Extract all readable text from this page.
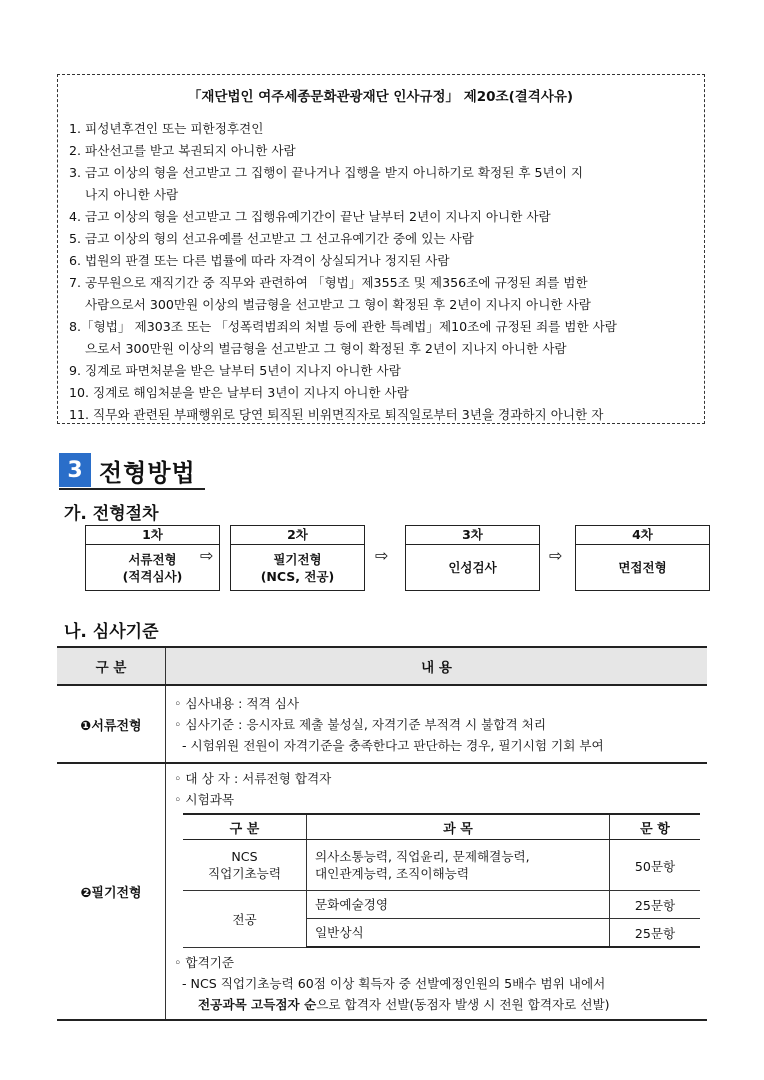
「재단법인 여주세종문화관광재단 인사규정」 제20조(결격사유)
1. 피성년후견인 또는 피한정후견인
2. 파산선고를 받고 복권되지 아니한 사람
3. 금고 이상의 형을 선고받고 그 집행이 끝나거나 집행을 받지 아니하기로 확정된 후 5년이 지
나지 아니한 사람
4. 금고 이상의 형을 선고받고 그 집행유예기간이 끝난 날부터 2년이 지나지 아니한 사람
5. 금고 이상의 형의 선고유예를 선고받고 그 선고유예기간 중에 있는 사람
6. 법원의 판결 또는 다른 법률에 따라 자격이 상실되거나 정지된 사람
7. 공무원으로 재직기간 중 직무와 관련하여 「형법」제355조 및 제356조에 규정된 죄를 범한
사람으로서 300만원 이상의 벌금형을 선고받고 그 형이 확정된 후 2년이 지나지 아니한 사람
8.「형법」 제303조 또는 「성폭력범죄의 처벌 등에 관한 특례법」제10조에 규정된 죄를 범한 사람
으로서 300만원 이상의 벌금형을 선고받고 그 형이 확정된 후 2년이 지나지 아니한 사람
9. 징계로 파면처분을 받은 날부터 5년이 지나지 아니한 사람
10. 징계로 해임처분을 받은 날부터 3년이 지나지 아니한 사람
11. 직무와 관련된 부패행위로 당연 퇴직된 비위면직자로 퇴직일로부터 3년을 경과하지 아니한 자
3 전형방법
가. 전형절차
1차
서류전형
(적격심사)
⇨
2차
필기전형
(NCS, 전공)
⇨
3차
인성검사
⇨
4차
면접전형
나. 심사기준
구 분	내 용
❶서류전형	
◦ 심사내용 : 적격 심사
◦ 심사기준 : 응시자료 제출 불성실, 자격기준 부적격 시 불합격 처리
- 시험위원 전원이 자격기준을 충족한다고 판단하는 경우, 필기시험 기회 부여

❷필기전형	
◦ 대 상 자 : 서류전형 합격자
◦ 시험과목
구 분	과 목	문 항
NCS
직업기초능력	의사소통능력, 직업윤리, 문제해결능력,
대인관계능력, 조직이해능력	50문항
전공	문화예술경영	25문항
일반상식	25문항
◦ 합격기준
- NCS 직업기초능력 60점 이상 획득자 중 선발예정인원의 5배수 범위 내에서
전공과목 고득점자 순으로 합격자 선발(동점자 발생 시 전원 합격자로 선발)
